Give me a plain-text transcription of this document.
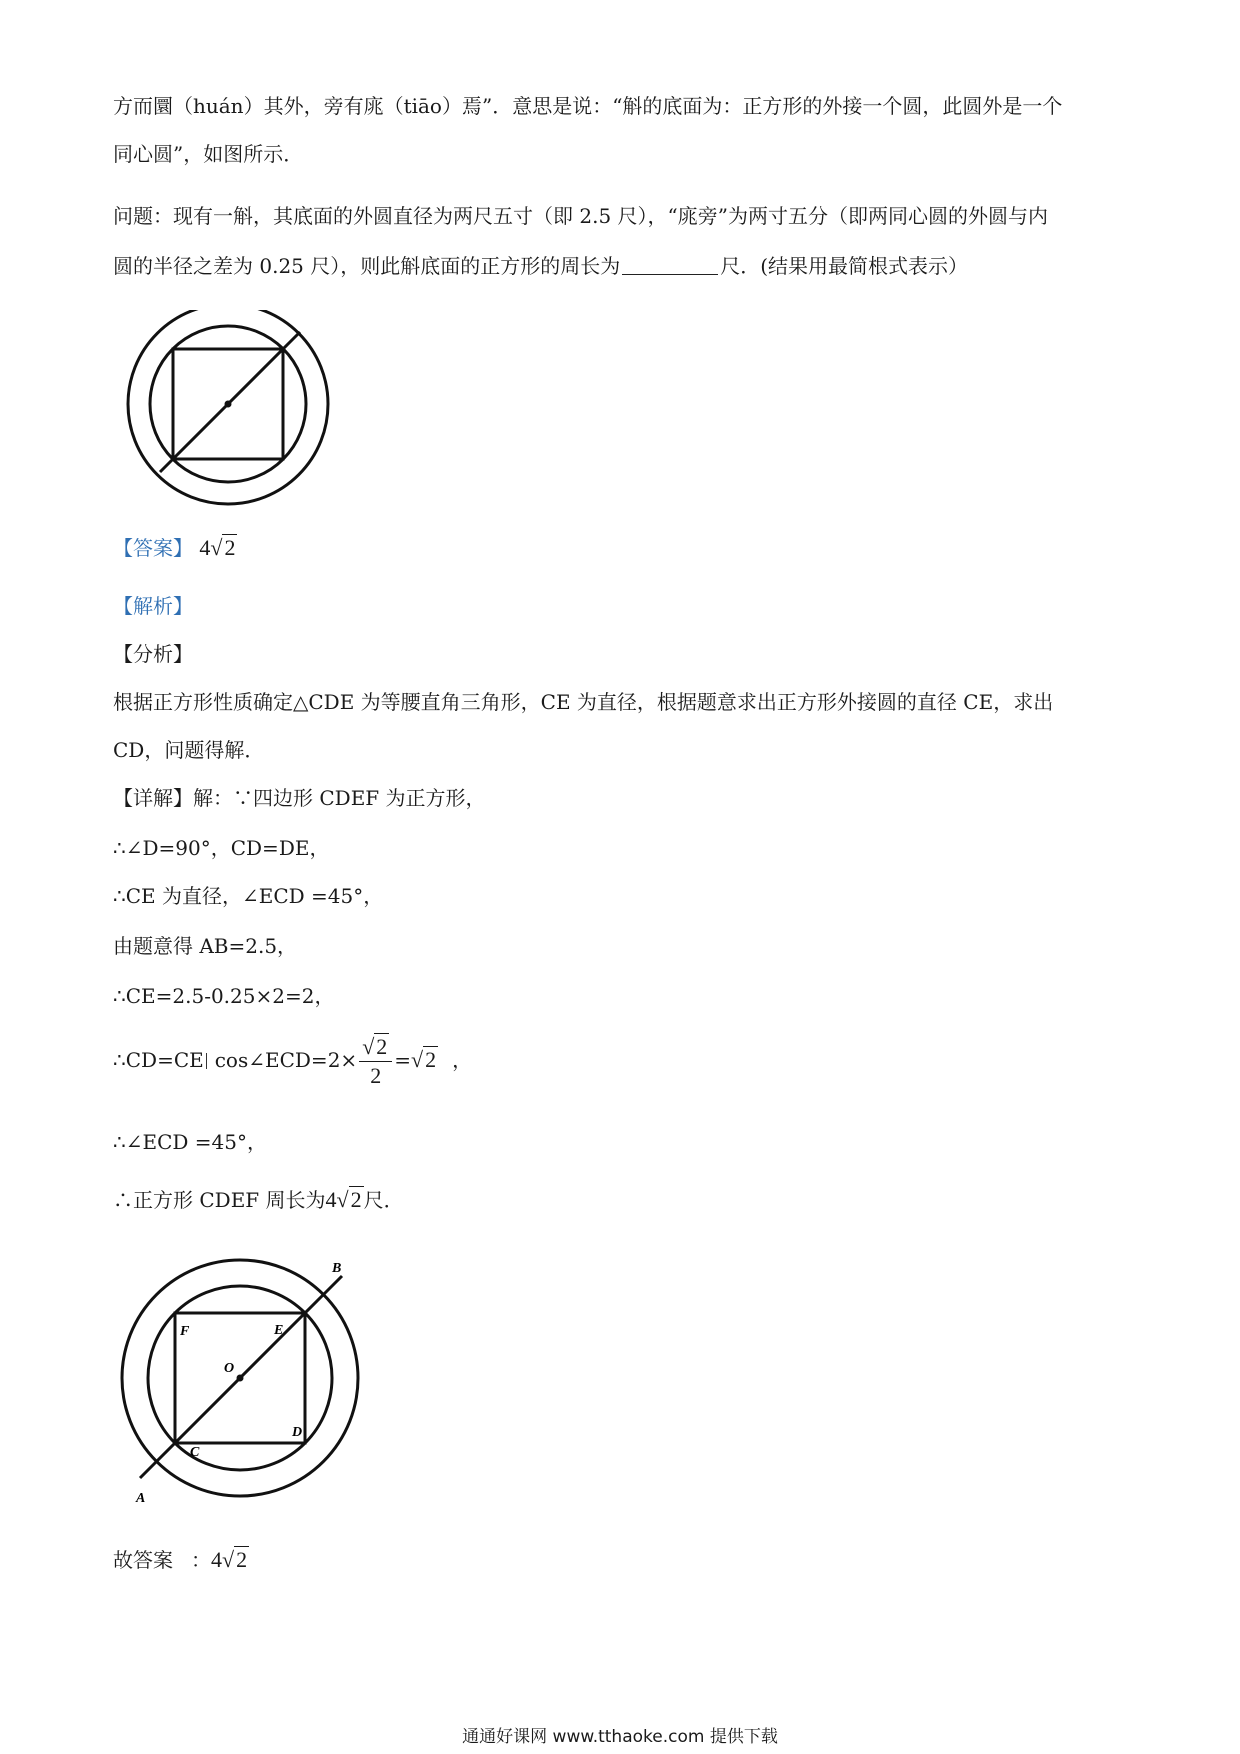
方而圜（huán）其外，旁有庣（tiāo）焉”．意思是说：“斛的底面为：正方形的外接一个圆，此圆外是一个
同心圆”，如图所示．
问题：现有一斛，其底面的外圆直径为两尺五寸（即 2.5 尺），“庣旁”为两寸五分（即两同心圆的外圆与内
圆的半径之差为 0.25 尺），则此斛底面的正方形的周长为	尺．(结果用最简根式表示）
【答案】 4√2
【解析】
【分析】
根据正方形性质确定△CDE 为等腰直角三角形，CE 为直径，根据题意求出正方形外接圆的直径 CE，求出
CD，问题得解．
【详解】解：∵四边形 CDEF 为正方形，
∴∠D=90°，CD=DE，
∴CE 为直径，∠ECD =45°，
由题意得 AB=2.5，
∴CE=2.5-0.25×2=2，
∴CD=CE cos∠ECD=2× $\frac{√2}{2} =√2$ ，
∴∠ECD =45°，
∴正方形 CDEF 周长为4√2 尺．
B
F	E
O
D
C
A
故答案 ：4√2
通通好课网 www.tthaoke.com 提供下载
